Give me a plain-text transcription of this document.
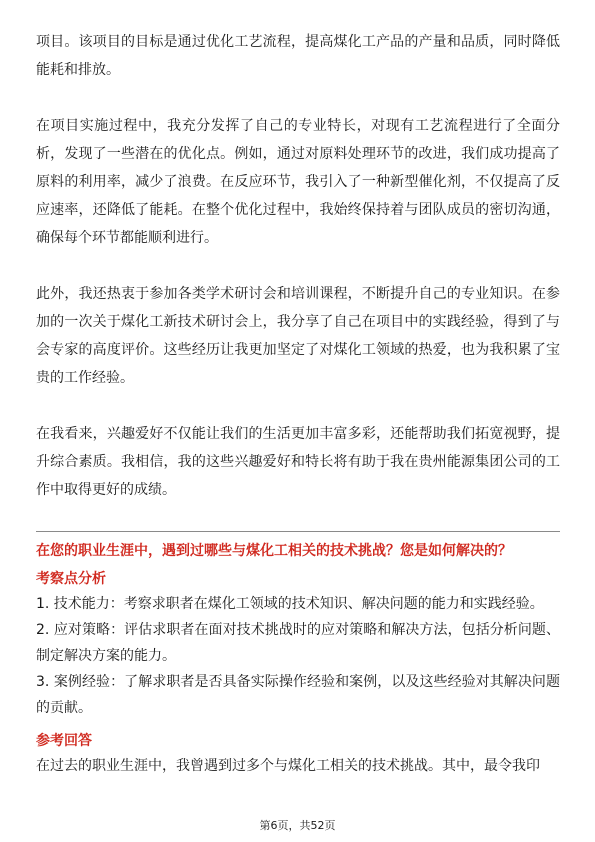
项目。该项目的目标是通过优化工艺流程，提高煤化工产品的产量和品质，同时降低能耗和排放。

在项目实施过程中，我充分发挥了自己的专业特长，对现有工艺流程进行了全面分析，发现了一些潜在的优化点。例如，通过对原料处理环节的改进，我们成功提高了原料的利用率，减少了浪费。在反应环节，我引入了一种新型催化剂，不仅提高了反应速率，还降低了能耗。在整个优化过程中，我始终保持着与团队成员的密切沟通，确保每个环节都能顺利进行。

此外，我还热衷于参加各类学术研讨会和培训课程，不断提升自己的专业知识。在参加的一次关于煤化工新技术研讨会上，我分享了自己在项目中的实践经验，得到了与会专家的高度评价。这些经历让我更加坚定了对煤化工领域的热爱，也为我积累了宝贵的工作经验。

在我看来，兴趣爱好不仅能让我们的生活更加丰富多彩，还能帮助我们拓宽视野，提升综合素质。我相信，我的这些兴趣爱好和特长将有助于我在贵州能源集团公司的工作中取得更好的成绩。

在您的职业生涯中，遇到过哪些与煤化工相关的技术挑战？您是如何解决的？

考察点分析

1. 技术能力：考察求职者在煤化工领域的技术知识、解决问题的能力和实践经验。

2. 应对策略：评估求职者在面对技术挑战时的应对策略和解决方法，包括分析问题、制定解决方案的能力。

3. 案例经验：了解求职者是否具备实际操作经验和案例，以及这些经验对其解决问题的贡献。

参考回答

在过去的职业生涯中，我曾遇到过多个与煤化工相关的技术挑战。其中，最令我印

第6页，共52页
